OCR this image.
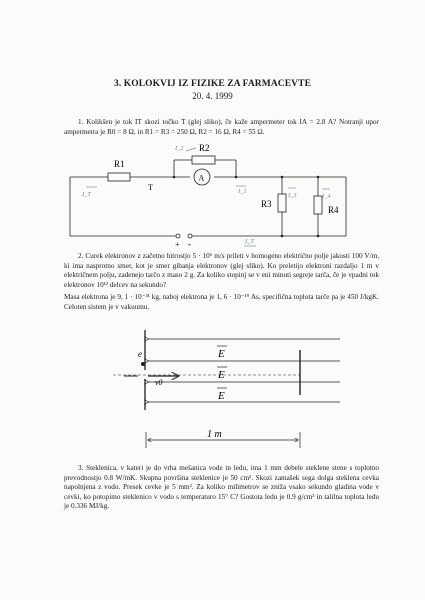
3. KOLOKVIJ IZ FIZIKE ZA FARMACEVTE
20. 4. 1999
1. Kolikšen je tok IT skozi točko T (glej sliko), če kaže ampermeter tok IA = 2.8 A? Notranji upor ampermetra je R0 = 8 Ω, in R1 = R3 = 250 Ω, R2 = 16 Ω, R4 = 55 Ω.
R1
R2
A
R3
R4
T
+ -
I_T
I_2
I_1
I_3	I_4
I_T
2. Curek elektronov z začetno hitrostjo 5 · 10⁶ m/s prileti v homogeno električno polje jakosti 100 V/m, ki ima nasprotno smer, kot je smer gibanja elektronov (glej sliko). Ko preletijo elektroni razdaljo 1 m v električnem polju, zadenejo tarčo z maso 2 g. Za koliko stopinj se v eni minuti segreje tarča, če je vpadni tok elektronov 10¹² delcev na sekundo?
Masa elektrona je 9, 1 · 10⁻³¹ kg, naboj elektrona je 1, 6 · 10⁻¹⁹ As, specifična toplota tarče pa je 450 J/kgK. Celoten sistem je v vakuumu.
E
E
E
e
v0
1 m
3. Steklenica, v kateri je do vrha mešanica vode in ledu, ima 1 mm debele steklene stene s toplotno prevodnostjo 0.8 W/mK. Skupna površina steklenice je 50 cm². Skozi zamašek sega dolga steklena cevka napolnjena z vodo. Presek cevke je 5 mm². Za koliko milimetrov se zniža vsako sekundo gladina vode v cevki, ko potopimo steklenico v vodo s temperaturo 15° C? Gostota ledu je 0.9 g/cm³ in talilna toplota ledu je 0.336 MJ/kg.
